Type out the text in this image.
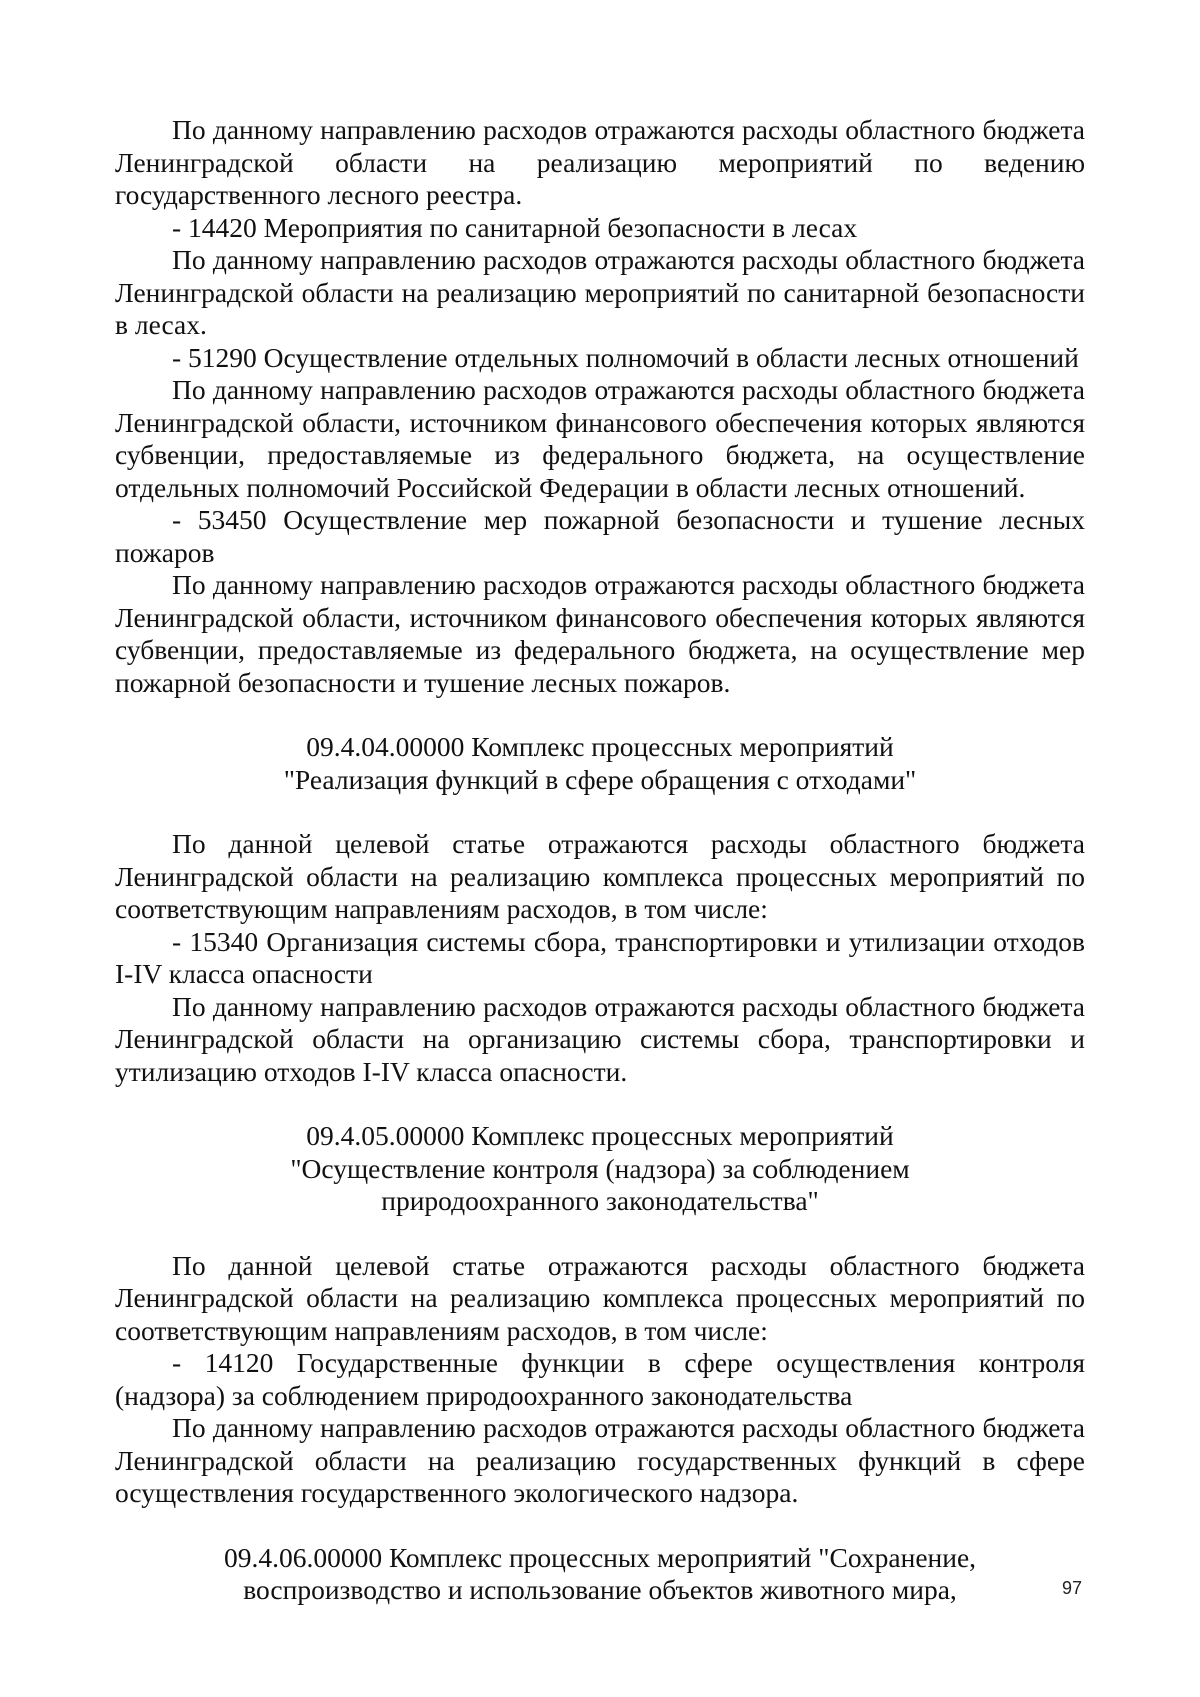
По данному направлению расходов отражаются расходы областного бюджета Ленинградской области на реализацию мероприятий по ведению государственного лесного реестра.

- 14420 Мероприятия по санитарной безопасности в лесах

По данному направлению расходов отражаются расходы областного бюджета Ленинградской области на реализацию мероприятий по санитарной безопасности в лесах.

- 51290 Осуществление отдельных полномочий в области лесных отношений

По данному направлению расходов отражаются расходы областного бюджета Ленинградской области, источником финансового обеспечения которых являются субвенции, предоставляемые из федерального бюджета, на осуществление отдельных полномочий Российской Федерации в области лесных отношений.

- 53450 Осуществление мер пожарной безопасности и тушение лесных пожаров

По данному направлению расходов отражаются расходы областного бюджета Ленинградской области, источником финансового обеспечения которых являются субвенции, предоставляемые из федерального бюджета, на осуществление мер пожарной безопасности и тушение лесных пожаров.

09.4.04.00000 Комплекс процессных мероприятий

"Реализация функций в сфере обращения с отходами"

По данной целевой статье отражаются расходы областного бюджета Ленинградской области на реализацию комплекса процессных мероприятий по соответствующим направлениям расходов, в том числе:

- 15340 Организация системы сбора, транспортировки и утилизации отходов I-IV класса опасности

По данному направлению расходов отражаются расходы областного бюджета Ленинградской области на организацию системы сбора, транспортировки и утилизацию отходов I-IV класса опасности.

09.4.05.00000 Комплекс процессных мероприятий

"Осуществление контроля (надзора) за соблюдением

природоохранного законодательства"

По данной целевой статье отражаются расходы областного бюджета Ленинградской области на реализацию комплекса процессных мероприятий по соответствующим направлениям расходов, в том числе:

- 14120 Государственные функции в сфере осуществления контроля (надзора) за соблюдением природоохранного законодательства

По данному направлению расходов отражаются расходы областного бюджета Ленинградской области на реализацию государственных функций в сфере осуществления государственного экологического надзора.

09.4.06.00000 Комплекс процессных мероприятий "Сохранение,

воспроизводство и использование объектов животного мира,	97
